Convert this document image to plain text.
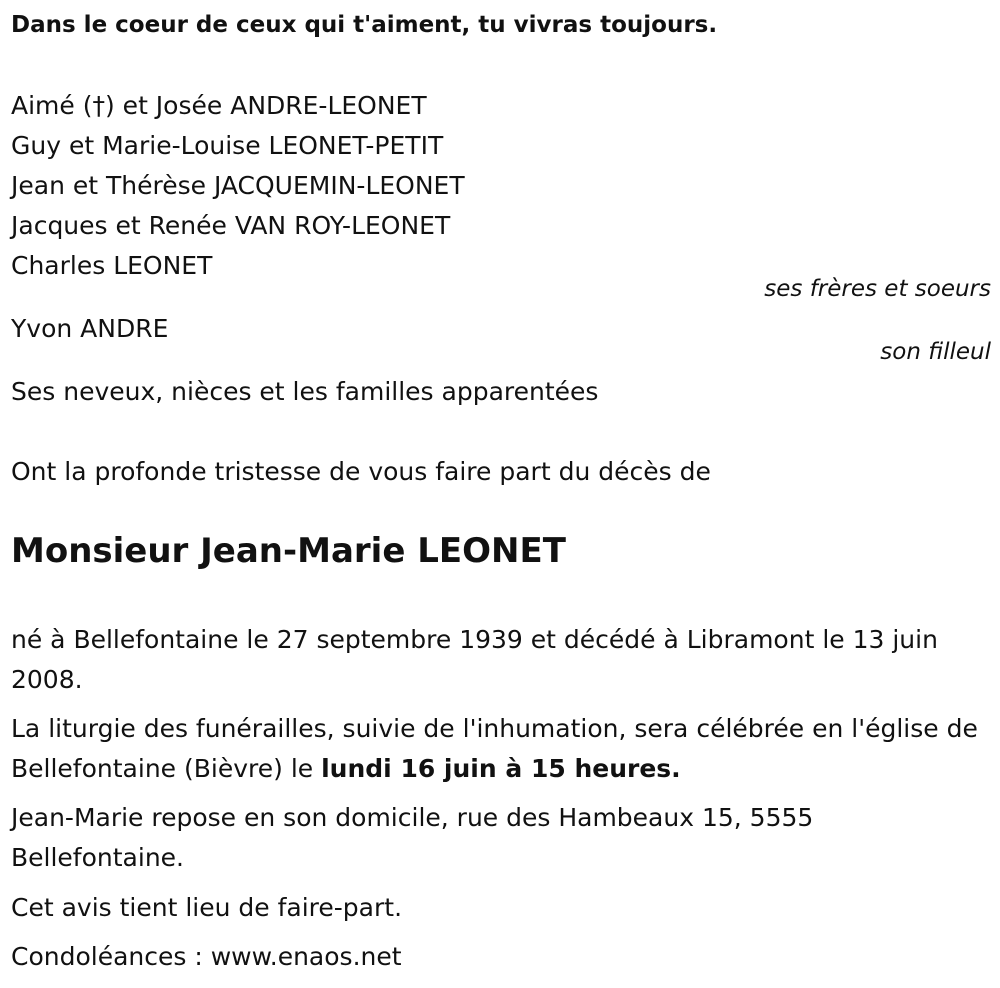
Dans le coeur de ceux qui t'aiment, tu vivras toujours.
Aimé (†) et Josée ANDRE-LEONET
Guy et Marie-Louise LEONET-PETIT
Jean et Thérèse JACQUEMIN-LEONET
Jacques et Renée VAN ROY-LEONET
Charles LEONET
ses frères et soeurs
Yvon ANDRE
son filleul
Ses neveux, nièces et les familles apparentées
Ont la profonde tristesse de vous faire part du décès de
Monsieur Jean-Marie LEONET
né à Bellefontaine le 27 septembre 1939 et décédé à Libramont le 13 juin 2008.
La liturgie des funérailles, suivie de l'inhumation, sera célébrée en l'église de Bellefontaine (Bièvre) le lundi 16 juin à 15 heures.
Jean-Marie repose en son domicile, rue des Hambeaux 15, 5555 Bellefontaine.
Cet avis tient lieu de faire-part.
Condoléances : www.enaos.net
